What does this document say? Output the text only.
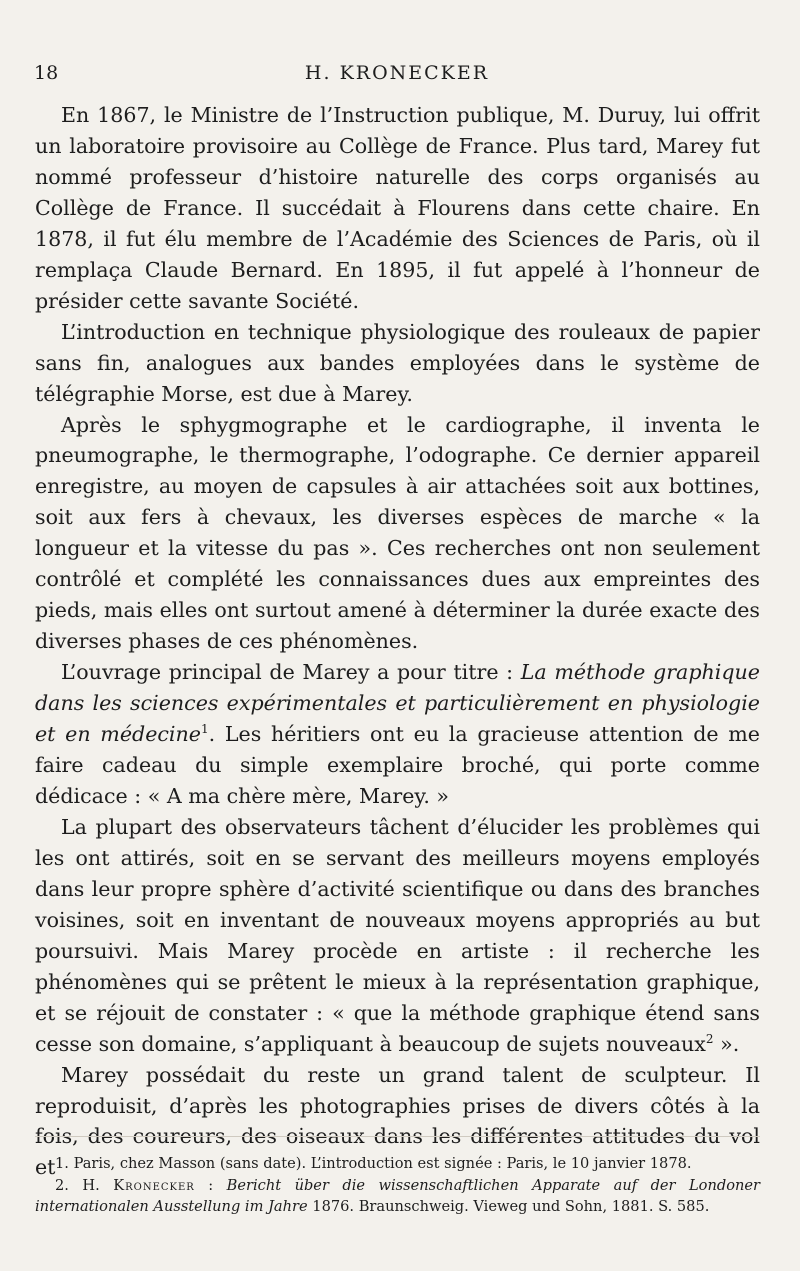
18	H. KRONECKER

En 1867, le Ministre de l’Instruction publique, M. Duruy, lui offrit un laboratoire provisoire au Collège de France. Plus tard, Marey fut nommé professeur d’histoire naturelle des corps organisés au Collège de France. Il succédait à Flourens dans cette chaire. En 1878, il fut élu membre de l’Académie des Sciences de Paris, où il remplaça Claude Bernard. En 1895, il fut appelé à l’honneur de présider cette savante Société.

L’introduction en technique physiologique des rouleaux de papier sans fin, analogues aux bandes employées dans le système de télégraphie Morse, est due à Marey.

Après le sphygmographe et le cardiographe, il inventa le pneumographe, le thermographe, l’odographe. Ce dernier appareil enregistre, au moyen de capsules à air attachées soit aux bottines, soit aux fers à chevaux, les diverses espèces de marche « la longueur et la vitesse du pas ». Ces recherches ont non seulement contrôlé et complété les connaissances dues aux empreintes des pieds, mais elles ont surtout amené à déterminer la durée exacte des diverses phases de ces phénomènes.

L’ouvrage principal de Marey a pour titre : La méthode graphique dans les sciences expérimentales et particulièrement en physiologie et en médecine$^1$. Les héritiers ont eu la gracieuse attention de me faire cadeau du simple exemplaire broché, qui porte comme dédicace : « A ma chère mère, Marey. »

La plupart des observateurs tâchent d’élucider les problèmes qui les ont attirés, soit en se servant des meilleurs moyens employés dans leur propre sphère d’activité scientifique ou dans des branches voisines, soit en inventant de nouveaux moyens appropriés au but poursuivi. Mais Marey procède en artiste : il recherche les phénomènes qui se prêtent le mieux à la représentation graphique, et se réjouit de constater : « que la méthode graphique étend sans cesse son domaine, s’appliquant à beaucoup de sujets nouveaux$^2$ ».

Marey possédait du reste un grand talent de sculpteur. Il reproduisit, d’après les photographies prises de divers côtés à la fois, des coureurs, des oiseaux dans les différentes attitudes du vol et 1. Paris, chez Masson (sans date). L’introduction est signée : Paris, le 10 janvier 1878.

2. H. Kronecker : Bericht über die wissenschaftlichen Apparate auf der Londoner internationalen Ausstellung im Jahre 1876. Braunschweig. Vieweg und Sohn, 1881. S. 585.
